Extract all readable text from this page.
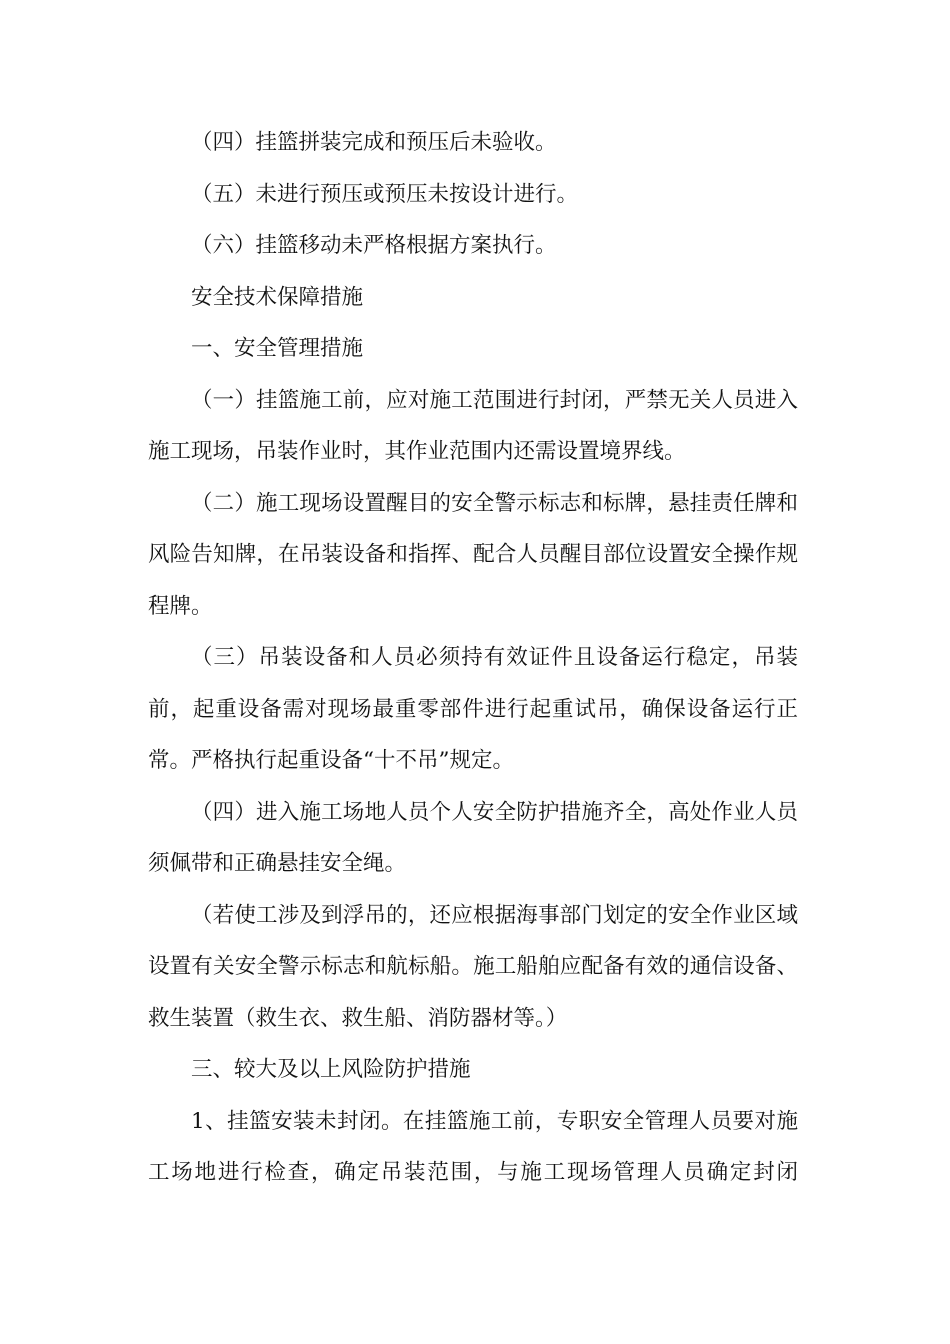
（四）挂篮拼装完成和预压后未验收。

（五）未进行预压或预压未按设计进行。

（六）挂篮移动未严格根据方案执行。

安全技术保障措施

一、安全管理措施

（一）挂篮施工前，应对施工范围进行封闭，严禁无关人员进入施工现场，吊装作业时，其作业范围内还需设置境界线。

（二）施工现场设置醒目的安全警示标志和标牌，悬挂责任牌和风险告知牌，在吊装设备和指挥、配合人员醒目部位设置安全操作规程牌。

（三）吊装设备和人员必须持有效证件且设备运行稳定，吊装前，起重设备需对现场最重零部件进行起重试吊，确保设备运行正常。严格执行起重设备“十不吊”规定。

（四）进入施工场地人员个人安全防护措施齐全，高处作业人员须佩带和正确悬挂安全绳。

（若使工涉及到浮吊的，还应根据海事部门划定的安全作业区域设置有关安全警示标志和航标船。施工船舶应配备有效的通信设备、救生装置（救生衣、救生船、消防器材等。）

三、较大及以上风险防护措施

1、挂篮安装未封闭。在挂篮施工前，专职安全管理人员要对施工场地进行检查，确定吊装范围，与施工现场管理人员确定封闭
